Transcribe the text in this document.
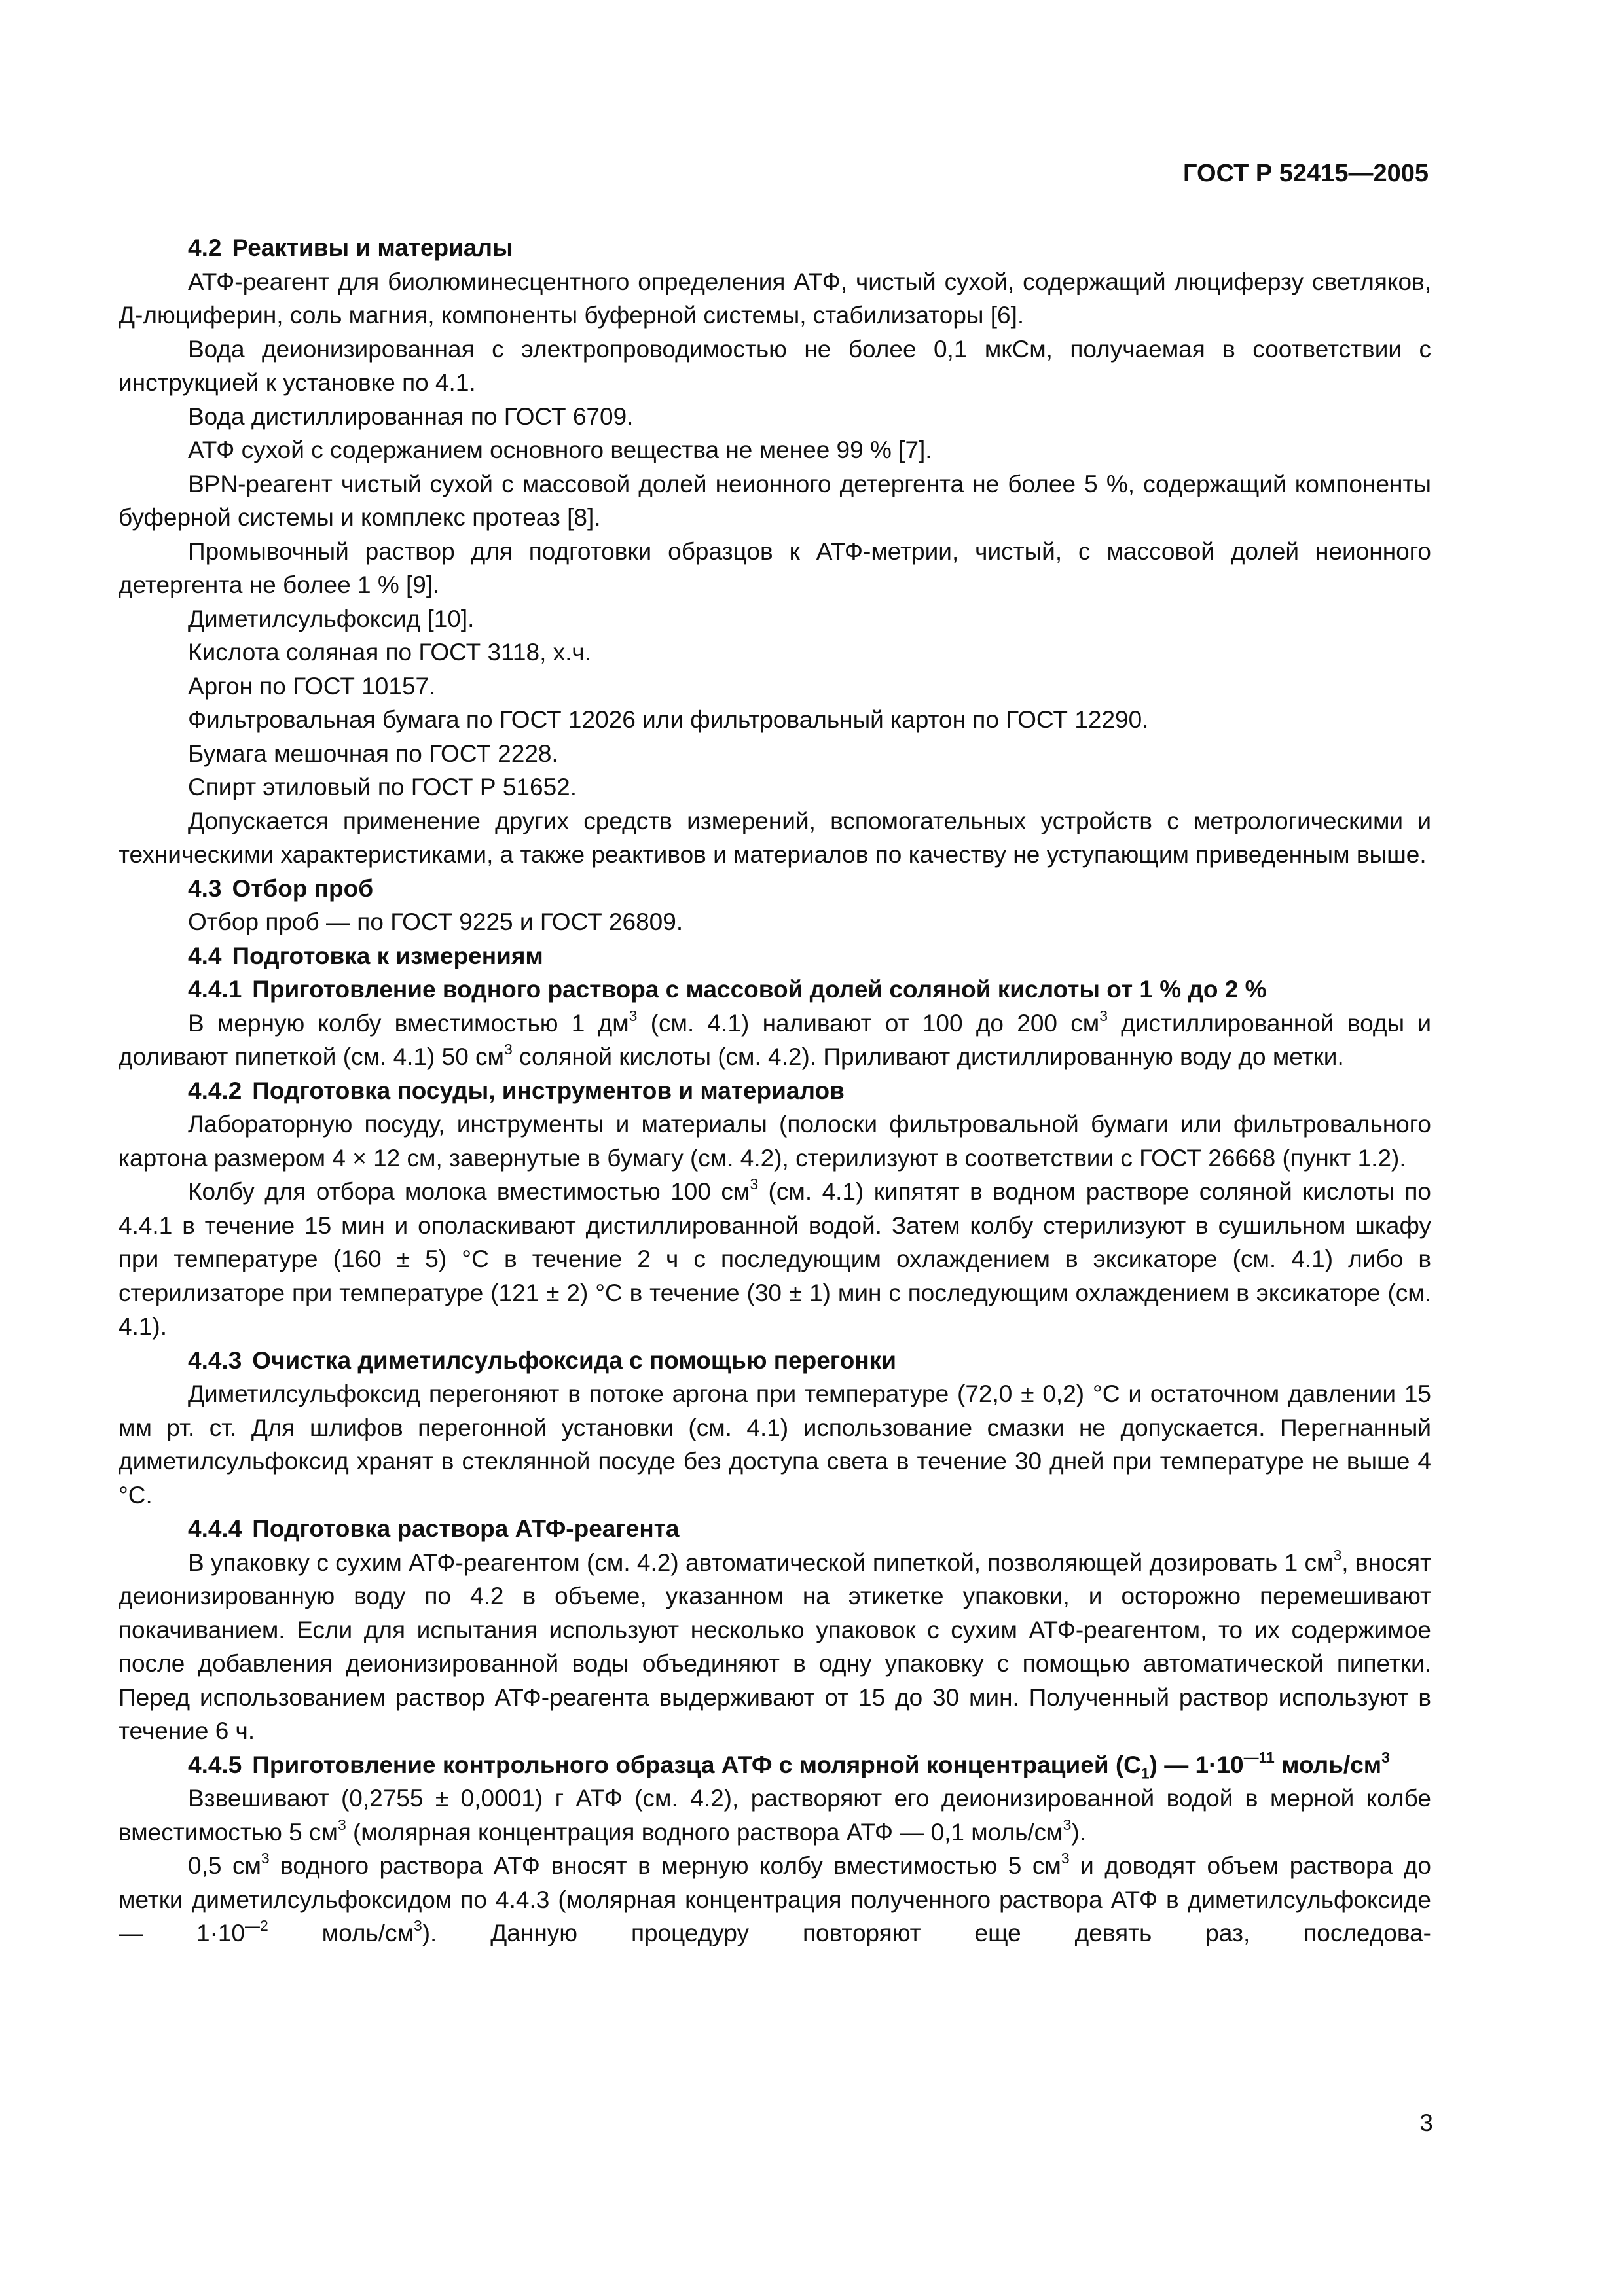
ГОСТ Р 52415—2005

4.2 Реактивы и материалы

АТФ-реагент для биолюминесцентного определения АТФ, чистый сухой, содержащий люциферзу светляков, Д-люциферин, соль магния, компоненты буферной системы, стабилизаторы [6].

Вода деионизированная с электропроводимостью не более 0,1 мкСм, получаемая в соответствии с инструкцией к установке по 4.1.

Вода дистиллированная по ГОСТ 6709.

АТФ сухой с содержанием основного вещества не менее 99 % [7].

BPN-реагент чистый сухой с массовой долей неионного детергента не более 5 %, содержащий компоненты буферной системы и комплекс протеаз [8].

Промывочный раствор для подготовки образцов к АТФ-метрии, чистый, с массовой долей неионного детергента не более 1 % [9].

Диметилсульфоксид [10].

Кислота соляная по ГОСТ 3118, х.ч.

Аргон по ГОСТ 10157.

Фильтровальная бумага по ГОСТ 12026 или фильтровальный картон по ГОСТ 12290.

Бумага мешочная по ГОСТ 2228.

Спирт этиловый по ГОСТ Р 51652.

Допускается применение других средств измерений, вспомогательных устройств с метрологическими и техническими характеристиками, а также реактивов и материалов по качеству не уступающим приведенным выше.

4.3 Отбор проб

Отбор проб — по ГОСТ 9225 и ГОСТ 26809.

4.4 Подготовка к измерениям

4.4.1 Приготовление водного раствора с массовой долей соляной кислоты от 1 % до 2 %

В мерную колбу вместимостью 1 $дм^3$ (см. 4.1) наливают от 100 до 200 $см^3$ дистиллированной воды и доливают пипеткой (см. 4.1) 50 $см^3$ соляной кислоты (см. 4.2). Приливают дистиллированную воду до метки.

4.4.2 Подготовка посуды, инструментов и материалов

Лабораторную посуду, инструменты и материалы (полоски фильтровальной бумаги или фильтровального картона размером 4 × 12 см, завернутые в бумагу (см. 4.2), стерилизуют в соответствии с ГОСТ 26668 (пункт 1.2).

Колбу для отбора молока вместимостью 100 $см^3$ (см. 4.1) кипятят в водном растворе соляной кислоты по 4.4.1 в течение 15 мин и ополаскивают дистиллированной водой. Затем колбу стерилизуют в сушильном шкафу при температуре (160 ± 5) °С в течение 2 ч с последующим охлаждением в эксикаторе (см. 4.1) либо в стерилизаторе при температуре (121 ± 2) °С в течение (30 ± 1) мин с последующим охлаждением в эксикаторе (см. 4.1).

4.4.3 Очистка диметилсульфоксида с помощью перегонки

Диметилсульфоксид перегоняют в потоке аргона при температуре (72,0 ± 0,2) °С и остаточном давлении 15 мм рт. ст. Для шлифов перегонной установки (см. 4.1) использование смазки не допускается. Перегнанный диметилсульфоксид хранят в стеклянной посуде без доступа света в течение 30 дней при температуре не выше 4 °С.

4.4.4 Подготовка раствора АТФ-реагента

В упаковку с сухим АТФ-реагентом (см. 4.2) автоматической пипеткой, позволяющей дозировать 1 $см^3$, вносят деионизированную воду по 4.2 в объеме, указанном на этикетке упаковки, и осторожно перемешивают покачиванием. Если для испытания используют несколько упаковок с сухим АТФ-реагентом, то их содержимое после добавления деионизированной воды объединяют в одну упаковку с помощью автоматической пипетки. Перед использованием раствор АТФ-реагента выдерживают от 15 до 30 мин. Полученный раствор используют в течение 6 ч.

4.4.5 Приготовление контрольного образца АТФ с молярной концентрацией $(С_1)$ — $1\cdot 10^{—11}$ моль/$см^3$

Взвешивают (0,2755 ± 0,0001) г АТФ (см. 4.2), растворяют его деионизированной водой в мерной колбе вместимостью 5 $см^3$ (молярная концентрация водного раствора АТФ — 0,1 моль/$см^3$).

0,5 $см^3$ водного раствора АТФ вносят в мерную колбу вместимостью 5 $см^3$ и доводят объем раствора до метки диметилсульфоксидом по 4.4.3 (молярная концентрация полученного раствора АТФ в диметилсульфоксиде — $1\cdot 10^{—2}$ моль/$см^3$). Данную процедуру повторяют еще девять раз, последова-

3
